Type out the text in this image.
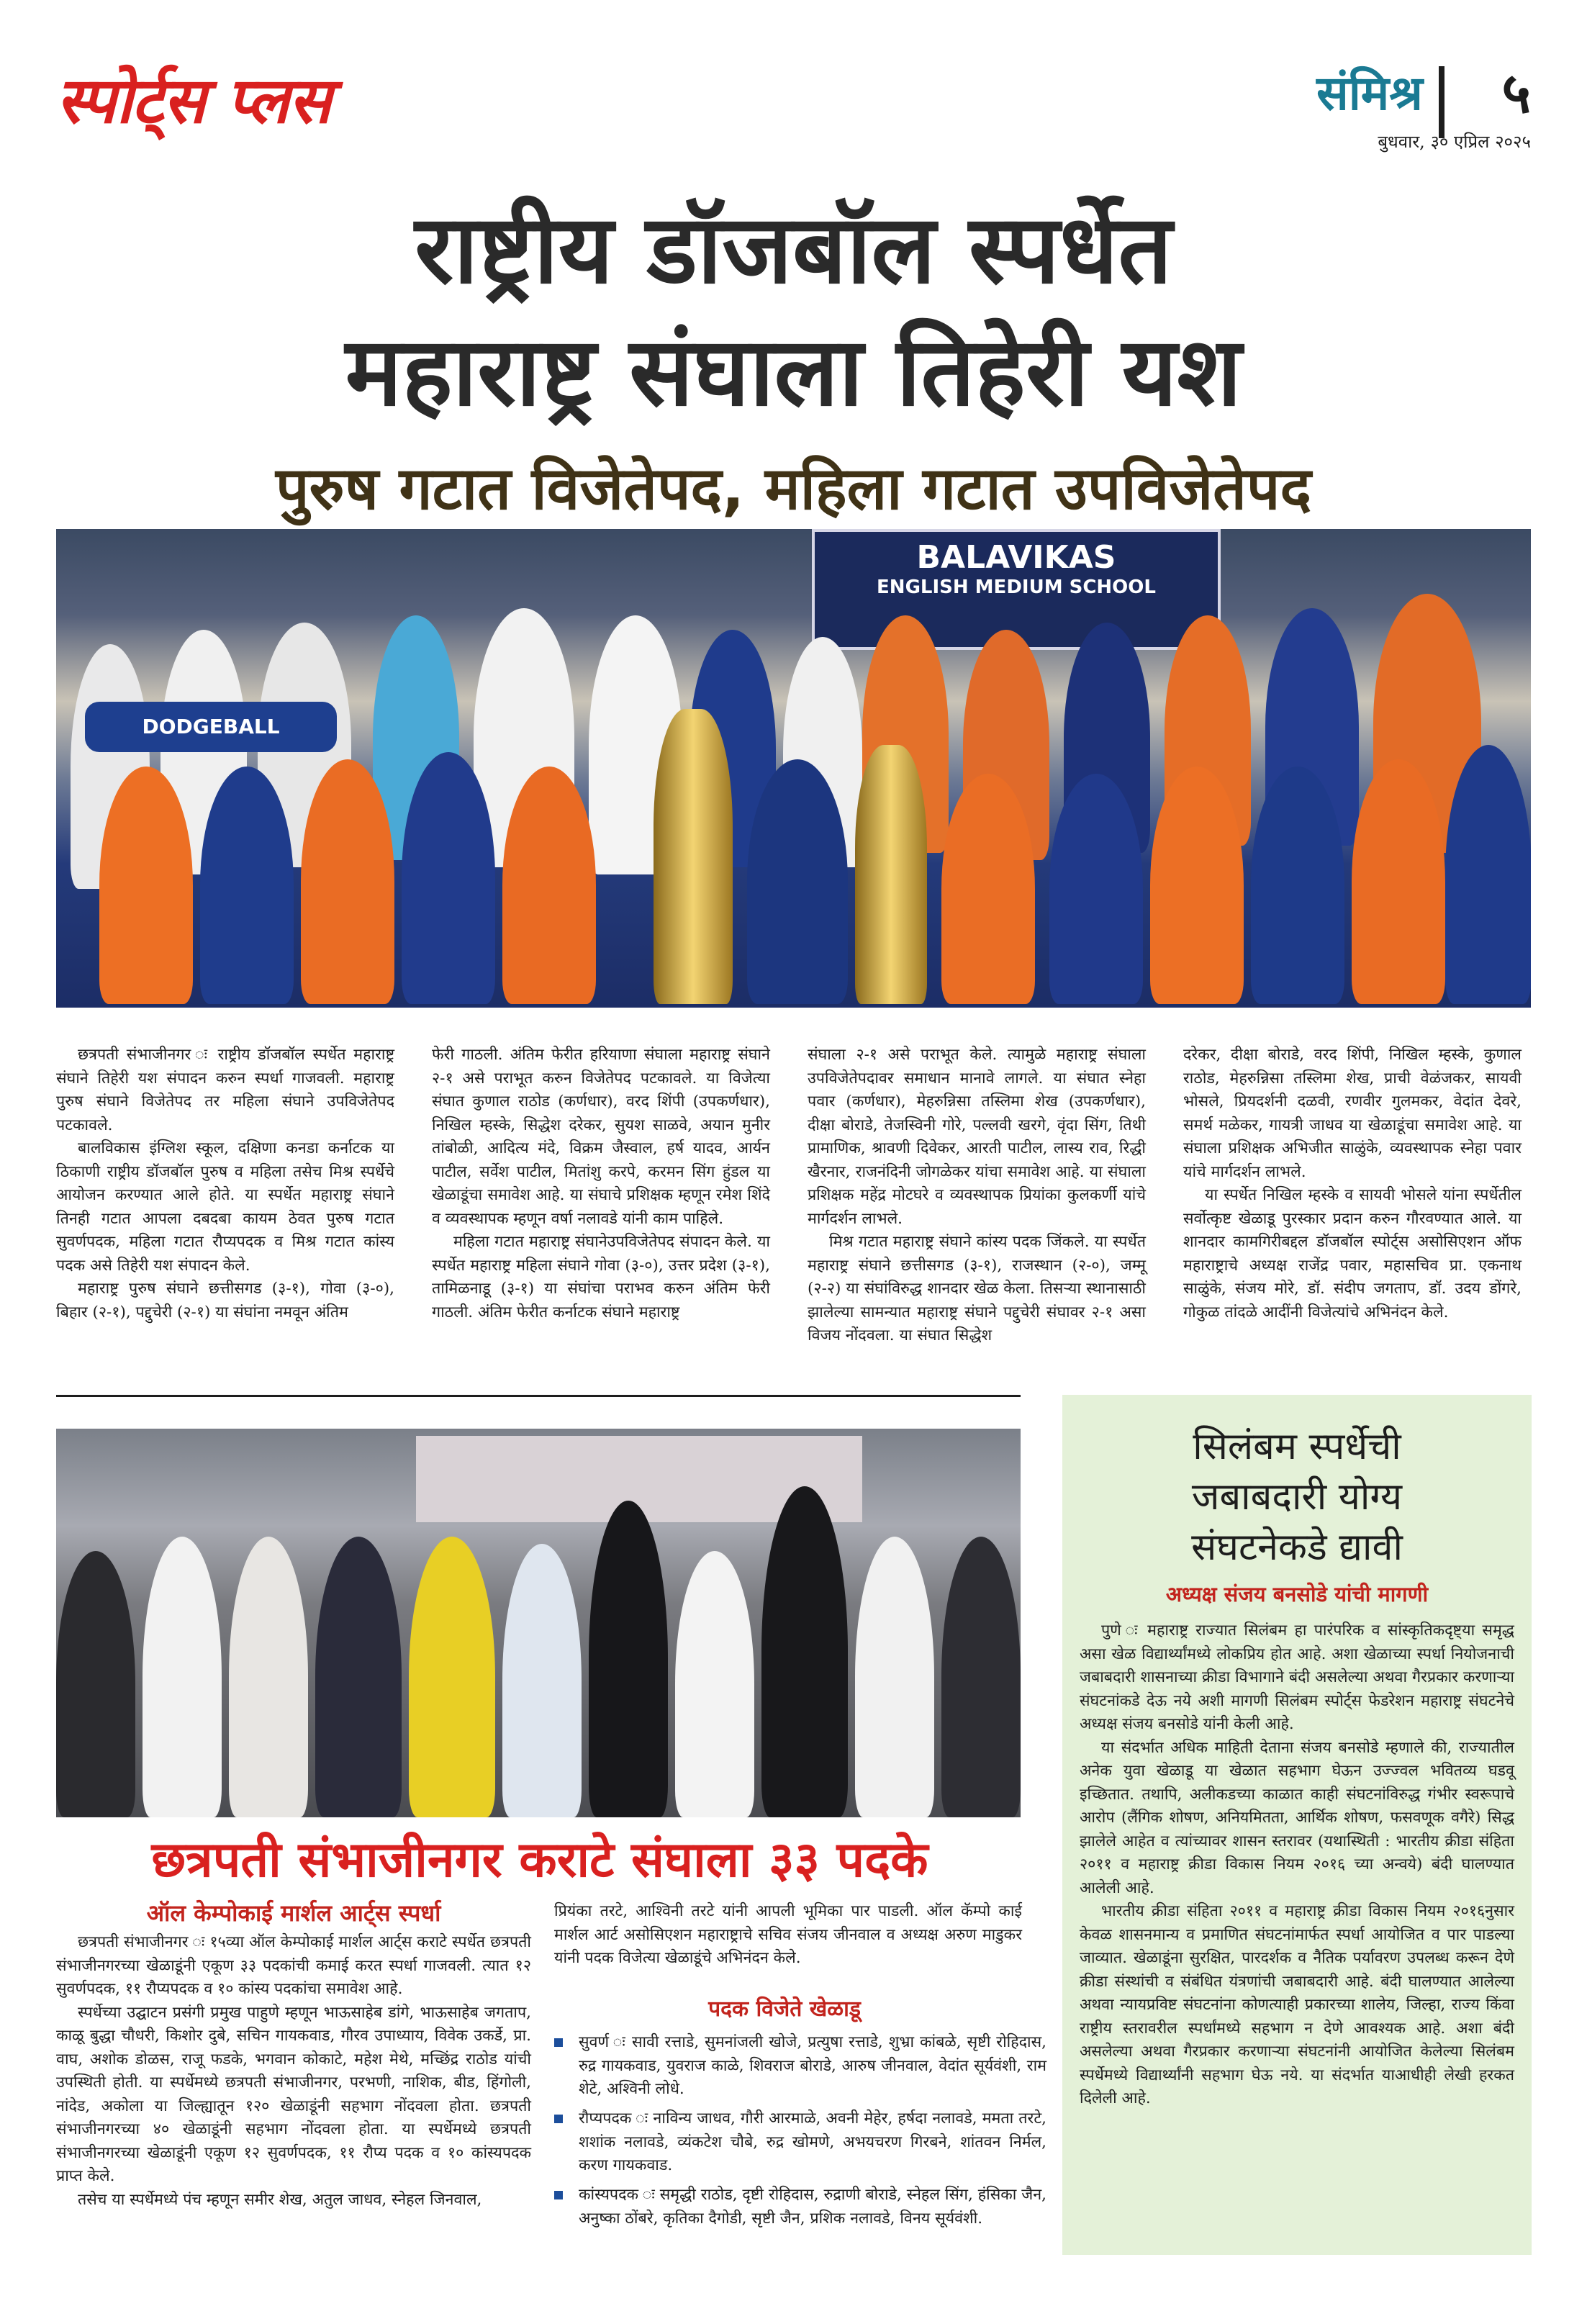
स्पोर्ट्स प्लस	संमिश्र ५
बुधवार, ३० एप्रिल २०२५
राष्ट्रीय डॉजबॉल स्पर्धेत
महाराष्ट्र संघाला तिहेरी यश
पुरुष गटात विजेतेपद, महिला गटात उपविजेतेपद
BALAVIKAS
ENGLISH MEDIUM SCHOOL
DODGEBALL

छत्रपती संभाजीनगर ः राष्ट्रीय डॉजबॉल स्पर्धेत महाराष्ट्र संघाने तिहेरी यश संपादन करुन स्पर्धा गाजवली. महाराष्ट्र पुरुष संघाने विजेतेपद तर महिला संघाने उपविजेतेपद पटकावले.

बालविकास इंग्लिश स्कूल, दक्षिणा कनडा कर्नाटक या ठिकाणी राष्ट्रीय डॉजबॉल पुरुष व महिला तसेच मिश्र स्पर्धेचे आयोजन करण्यात आले होते. या स्पर्धेत महाराष्ट्र संघाने तिनही गटात आपला दबदबा कायम ठेवत पुरुष गटात सुवर्णपदक, महिला गटात रौप्यपदक व मिश्र गटात कांस्य पदक असे तिहेरी यश संपादन केले.

महाराष्ट्र पुरुष संघाने छत्तीसगड (३-१), गोवा (३-०), बिहार (२-१), पद्दुचेरी (२-१) या संघांना नमवून अंतिम

फेरी गाठली. अंतिम फेरीत हरियाणा संघाला महाराष्ट्र संघाने २-१ असे पराभूत करुन विजेतेपद पटकावले. या विजेत्या संघात कुणाल राठोड (कर्णधार), वरद शिंपी (उपकर्णधार), निखिल म्हस्के, सिद्धेश दरेकर, सुयश साळवे, अयान मुनीर तांबोळी, आदित्य मंदे, विक्रम जैस्वाल, हर्ष यादव, आर्यन पाटील, सर्वेश पाटील, मितांशु करपे, करमन सिंग हुंडल या खेळाडूंचा समावेश आहे. या संघाचे प्रशिक्षक म्हणून रमेश शिंदे व व्यवस्थापक म्हणून वर्षा नलावडे यांनी काम पाहिले.

महिला गटात महाराष्ट्र संघानेउपविजेतेपद संपादन केले. या स्पर्धेत महाराष्ट्र महिला संघाने गोवा (३-०), उत्तर प्रदेश (३-१), तामिळनाडू (३-१) या संघांचा पराभव करुन अंतिम फेरी गाठली. अंतिम फेरीत कर्नाटक संघाने महाराष्ट्र

संघाला २-१ असे पराभूत केले. त्यामुळे महाराष्ट्र संघाला उपविजेतेपदावर समाधान मानावे लागले. या संघात स्नेहा पवार (कर्णधार), मेहरुन्निसा तस्लिमा शेख (उपकर्णधार), दीक्षा बोराडे, तेजस्विनी गोरे, पल्लवी खरगे, वृंदा सिंग, तिथी प्रामाणिक, श्रावणी दिवेकर, आरती पाटील, लास्य राव, रिद्धी खैरनार, राजनंदिनी जोगळेकर यांचा समावेश आहे. या संघाला प्रशिक्षक महेंद्र मोटघरे व व्यवस्थापक प्रियांका कुलकर्णी यांचे मार्गदर्शन लाभले.

मिश्र गटात महाराष्ट्र संघाने कांस्य पदक जिंकले. या स्पर्धेत महाराष्ट्र संघाने छत्तीसगड (३-१), राजस्थान (२-०), जम्मू (२-२) या संघांविरुद्ध शानदार खेळ केला. तिसऱ्या स्थानासाठी झालेल्या सामन्यात महाराष्ट्र संघाने पद्दुचेरी संघावर २-१ असा विजय नोंदवला. या संघात सिद्धेश

दरेकर, दीक्षा बोराडे, वरद शिंपी, निखिल म्हस्के, कुणाल राठोड, मेहरुन्निसा तस्लिमा शेख, प्राची वेळंजकर, सायवी भोसले, प्रियदर्शनी दळवी, रणवीर गुलमकर, वेदांत देवरे, समर्थ मळेकर, गायत्री जाधव या खेळाडूंचा समावेश आहे. या संघाला प्रशिक्षक अभिजीत साळुंके, व्यवस्थापक स्नेहा पवार यांचे मार्गदर्शन लाभले.

या स्पर्धेत निखिल म्हस्के व सायवी भोसले यांना स्पर्धेतील सर्वोत्कृष्ट खेळाडू पुरस्कार प्रदान करुन गौरवण्यात आले. या शानदार कामगिरीबद्दल डॉजबॉल स्पोर्ट्स असोसिएशन ऑफ महाराष्ट्राचे अध्यक्ष राजेंद्र पवार, महासचिव प्रा. एकनाथ साळुंके, संजय मोरे, डॉ. संदीप जगताप, डॉ. उदय डोंगरे, गोकुळ तांदळे आदींनी विजेत्यांचे अभिनंदन केले.

छत्रपती संभाजीनगर कराटे संघाला ३३ पदके
ऑल केम्पोकाई मार्शल आर्ट्स स्पर्धा

छत्रपती संभाजीनगर ः १५व्या ऑल केम्पोकाई मार्शल आर्ट्स कराटे स्पर्धेत छत्रपती संभाजीनगरच्या खेळाडूंनी एकूण ३३ पदकांची कमाई करत स्पर्धा गाजवली. त्यात १२ सुवर्णपदक, ११ रौप्यपदक व १० कांस्य पदकांचा समावेश आहे.

स्पर्धेच्या उद्घाटन प्रसंगी प्रमुख पाहुणे म्हणून भाऊसाहेब डांगे, भाऊसाहेब जगताप, काळू बुद्धा चौधरी, किशोर दुबे, सचिन गायकवाड, गौरव उपाध्याय, विवेक उकर्डे, प्रा. वाघ, अशोक डोळस, राजू फडके, भगवान कोकाटे, महेश मेथे, मच्छिंद्र राठोड यांची उपस्थिती होती. या स्पर्धेमध्ये छत्रपती संभाजीनगर, परभणी, नाशिक, बीड, हिंगोली, नांदेड, अकोला या जिल्ह्यातून १२० खेळाडूंनी सहभाग नोंदवला होता. छत्रपती संभाजीनगरच्या ४० खेळाडूंनी सहभाग नोंदवला होता. या स्पर्धेमध्ये छत्रपती संभाजीनगरच्या खेळाडूंनी एकूण १२ सुवर्णपदक, ११ रौप्य पदक व १० कांस्यपदक प्राप्त केले.

तसेच या स्पर्धेमध्ये पंच म्हणून समीर शेख, अतुल जाधव, स्नेहल जिनवाल,

प्रियंका तरटे, आश्विनी तरटे यांनी आपली भूमिका पार पाडली. ऑल कॅम्पो काई मार्शल आर्ट असोसिएशन महाराष्ट्राचे सचिव संजय जीनवाल व अध्यक्ष अरुण माडुकर यांनी पदक विजेत्या खेळाडूंचे अभिनंदन केले.

पदक विजेते खेळाडू
सुवर्ण ः सावी रत्ताडे, सुमनांजली खोजे, प्रत्युषा रत्ताडे, शुभ्रा कांबळे, सृष्टी रोहिदास, रुद्र गायकवाड, युवराज काळे, शिवराज बोराडे, आरुष जीनवाल, वेदांत सूर्यवंशी, राम शेटे, अश्विनी लोधे.
रौप्यपदक ः नाविन्य जाधव, गौरी आरमाळे, अवनी मेहेर, हर्षदा नलावडे, ममता तरटे, शशांक नलावडे, व्यंकटेश चौबे, रुद्र खोमणे, अभयचरण गिरबने, शांतवन निर्मल, करण गायकवाड.
कांस्यपदक ः समृद्धी राठोड, दृष्टी रोहिदास, रुद्राणी बोराडे, स्नेहल सिंग, हंसिका जैन, अनुष्का ठोंबरे, कृतिका दैगोडी, सृष्टी जैन, प्रशिक नलावडे, विनय सूर्यवंशी.
सिलंबम स्पर्धेची
जबाबदारी योग्य
संघटनेकडे द्यावी
अध्यक्ष संजय बनसोडे यांची मागणी

पुणे ः महाराष्ट्र राज्यात सिलंबम हा पारंपरिक व सांस्कृतिकदृष्ट्या समृद्ध असा खेळ विद्यार्थ्यांमध्ये लोकप्रिय होत आहे. अशा खेळाच्या स्पर्धा नियोजनाची जबाबदारी शासनाच्या क्रीडा विभागाने बंदी असलेल्या अथवा गैरप्रकार करणाऱ्या संघटनांकडे देऊ नये अशी मागणी सिलंबम स्पोर्ट्स फेडरेशन महाराष्ट्र संघटनेचे अध्यक्ष संजय बनसोडे यांनी केली आहे.

या संदर्भात अधिक माहिती देताना संजय बनसोडे म्हणाले की, राज्यातील अनेक युवा खेळाडू या खेळात सहभाग घेऊन उज्ज्वल भवितव्य घडवू इच्छितात. तथापि, अलीकडच्या काळात काही संघटनांविरुद्ध गंभीर स्वरूपाचे आरोप (लैंगिक शोषण, अनियमितता, आर्थिक शोषण, फसवणूक वगैरे) सिद्ध झालेले आहेत व त्यांच्यावर शासन स्तरावर (यथास्थिती : भारतीय क्रीडा संहिता २०११ व महाराष्ट्र क्रीडा विकास नियम २०१६ च्या अन्वये) बंदी घालण्यात आलेली आहे.

भारतीय क्रीडा संहिता २०११ व महाराष्ट्र क्रीडा विकास नियम २०१६नुसार केवळ शासनमान्य व प्रमाणित संघटनांमार्फत स्पर्धा आयोजित व पार पाडल्या जाव्यात. खेळाडूंना सुरक्षित, पारदर्शक व नैतिक पर्यावरण उपलब्ध करून देणे क्रीडा संस्थांची व संबंधित यंत्रणांची जबाबदारी आहे. बंदी घालण्यात आलेल्या अथवा न्यायप्रविष्ट संघटनांना कोणत्याही प्रकारच्या शालेय, जिल्हा, राज्य किंवा राष्ट्रीय स्तरावरील स्पर्धांमध्ये सहभाग न देणे आवश्यक आहे. अशा बंदी असलेल्या अथवा गैरप्रकार करणाऱ्या संघटनांनी आयोजित केलेल्या सिलंबम स्पर्धेमध्ये विद्यार्थ्यांनी सहभाग घेऊ नये. या संदर्भात याआधीही लेखी हरकत दिलेली आहे.
